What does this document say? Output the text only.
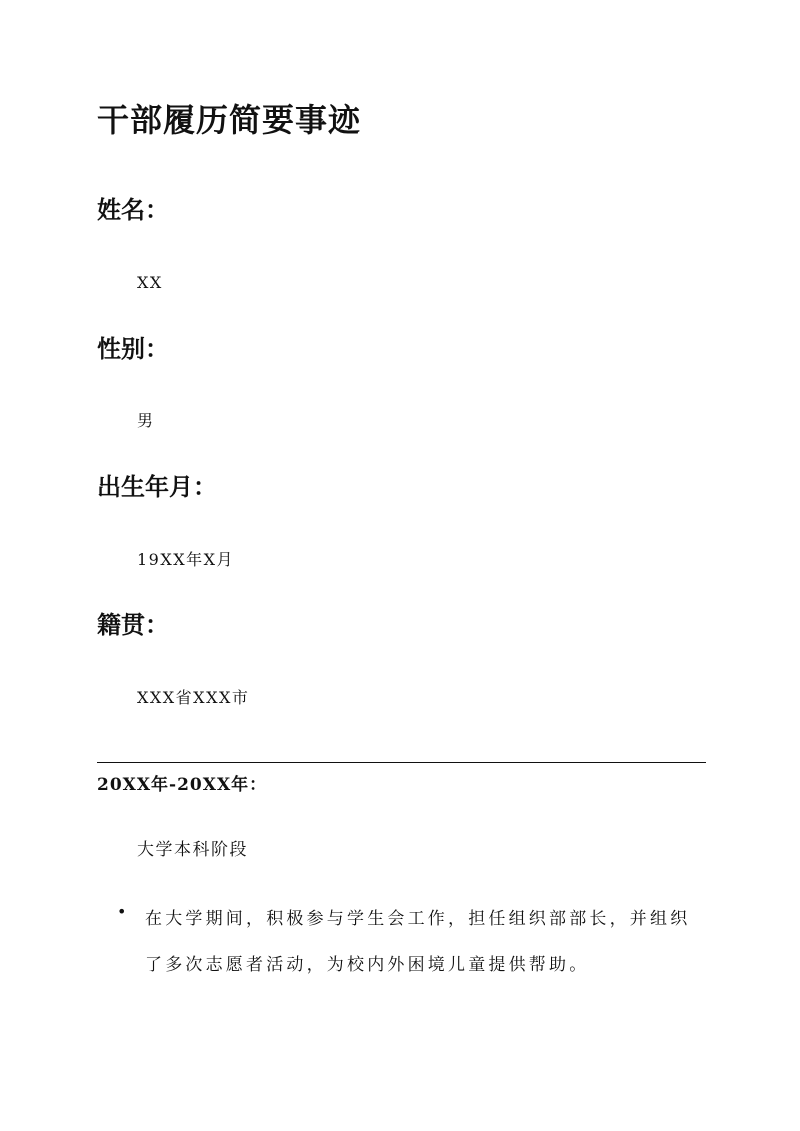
干部履历简要事迹
姓名：
XX
性别：
男
出生年月：
19XX年X月
籍贯：
XXX省XXX市
20XX年-20XX年：
大学本科阶段
• 在大学期间，积极参与学生会工作，担任组织部部长，并组织了多次志愿者活动，为校内外困境儿童提供帮助。
